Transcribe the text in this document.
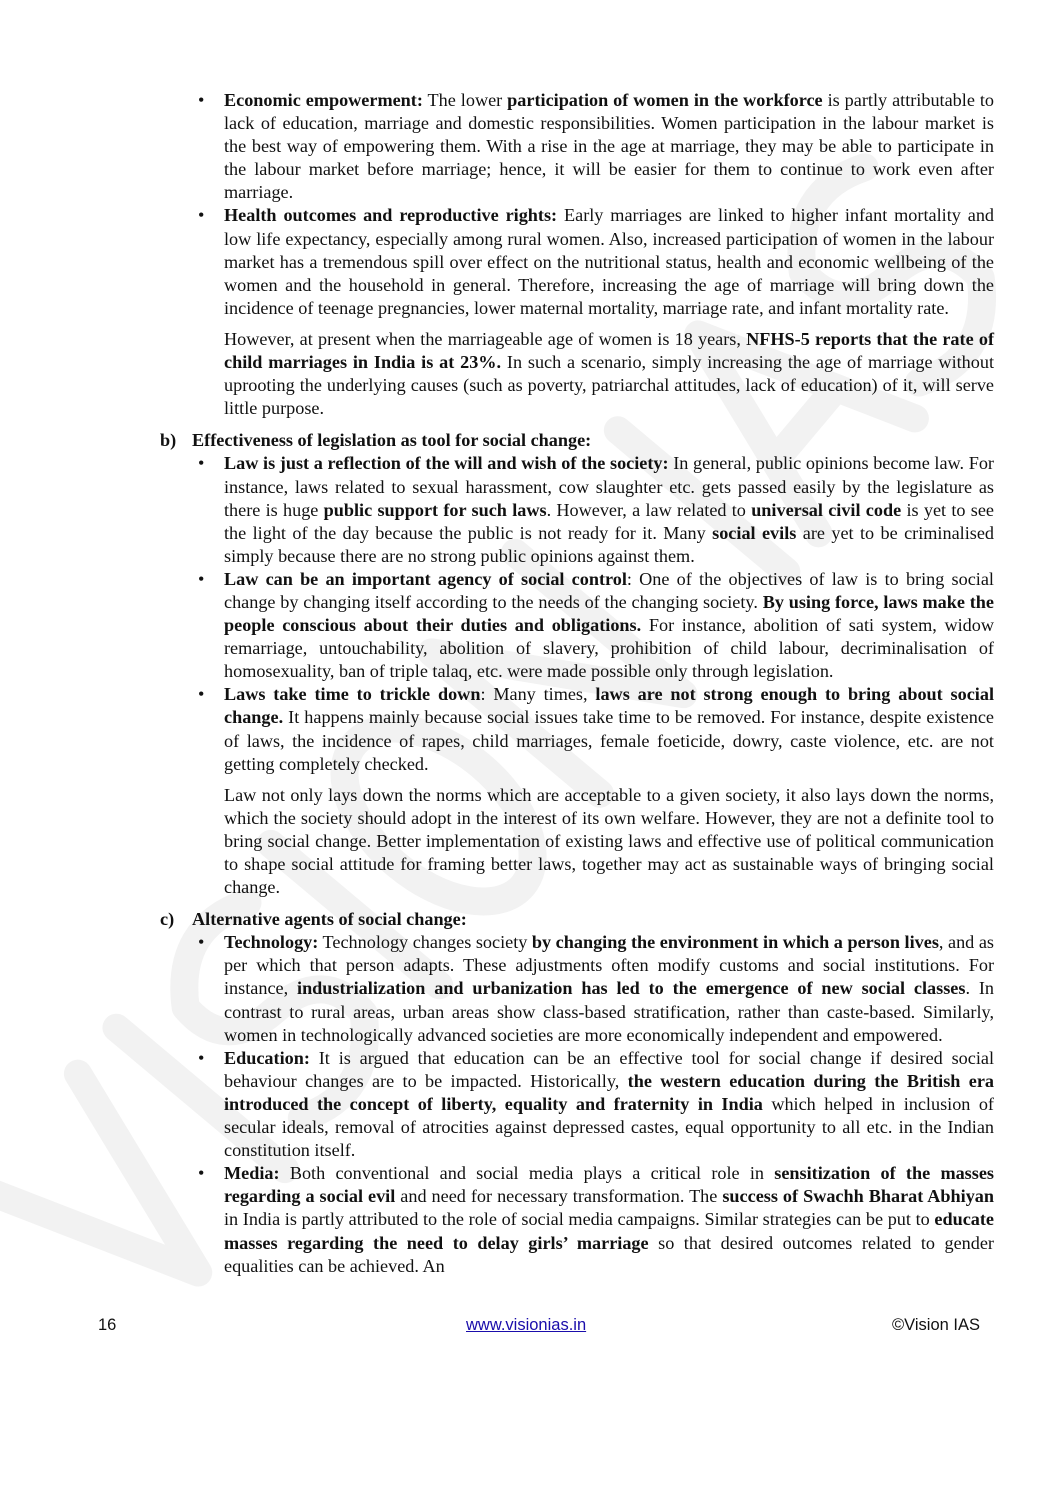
• Economic empowerment: The lower participation of women in the workforce is partly attributable to lack of education, marriage and domestic responsibilities. Women participation in the labour market is the best way of empowering them. With a rise in the age at marriage, they may be able to participate in the labour market before marriage; hence, it will be easier for them to continue to work even after marriage.
• Health outcomes and reproductive rights: Early marriages are linked to higher infant mortality and low life expectancy, especially among rural women. Also, increased participation of women in the labour market has a tremendous spill over effect on the nutritional status, health and economic wellbeing of the women and the household in general. Therefore, increasing the age of marriage will bring down the incidence of teenage pregnancies, lower maternal mortality, marriage rate, and infant mortality rate.
However, at present when the marriageable age of women is 18 years, NFHS-5 reports that the rate of child marriages in India is at 23%. In such a scenario, simply increasing the age of marriage without uprooting the underlying causes (such as poverty, patriarchal attitudes, lack of education) of it, will serve little purpose.
b) Effectiveness of legislation as tool for social change:
• Law is just a reflection of the will and wish of the society: In general, public opinions become law. For instance, laws related to sexual harassment, cow slaughter etc. gets passed easily by the legislature as there is huge public support for such laws. However, a law related to universal civil code is yet to see the light of the day because the public is not ready for it. Many social evils are yet to be criminalised simply because there are no strong public opinions against them.
• Law can be an important agency of social control: One of the objectives of law is to bring social change by changing itself according to the needs of the changing society. By using force, laws make the people conscious about their duties and obligations. For instance, abolition of sati system, widow remarriage, untouchability, abolition of slavery, prohibition of child labour, decriminalisation of homosexuality, ban of triple talaq, etc. were made possible only through legislation.
• Laws take time to trickle down: Many times, laws are not strong enough to bring about social change. It happens mainly because social issues take time to be removed. For instance, despite existence of laws, the incidence of rapes, child marriages, female foeticide, dowry, caste violence, etc. are not getting completely checked.
Law not only lays down the norms which are acceptable to a given society, it also lays down the norms, which the society should adopt in the interest of its own welfare. However, they are not a definite tool to bring social change. Better implementation of existing laws and effective use of political communication to shape social attitude for framing better laws, together may act as sustainable ways of bringing social change.
c) Alternative agents of social change:
• Technology: Technology changes society by changing the environment in which a person lives, and as per which that person adapts. These adjustments often modify customs and social institutions. For instance, industrialization and urbanization has led to the emergence of new social classes. In contrast to rural areas, urban areas show class-based stratification, rather than caste-based. Similarly, women in technologically advanced societies are more economically independent and empowered.
• Education: It is argued that education can be an effective tool for social change if desired social behaviour changes are to be impacted. Historically, the western education during the British era introduced the concept of liberty, equality and fraternity in India which helped in inclusion of secular ideals, removal of atrocities against depressed castes, equal opportunity to all etc. in the Indian constitution itself.
• Media: Both conventional and social media plays a critical role in sensitization of the masses regarding a social evil and need for necessary transformation. The success of Swachh Bharat Abhiyan in India is partly attributed to the role of social media campaigns. Similar strategies can be put to educate masses regarding the need to delay girls’ marriage so that desired outcomes related to gender equalities can be achieved. An
16	www.visionias.in	©Vision IAS
